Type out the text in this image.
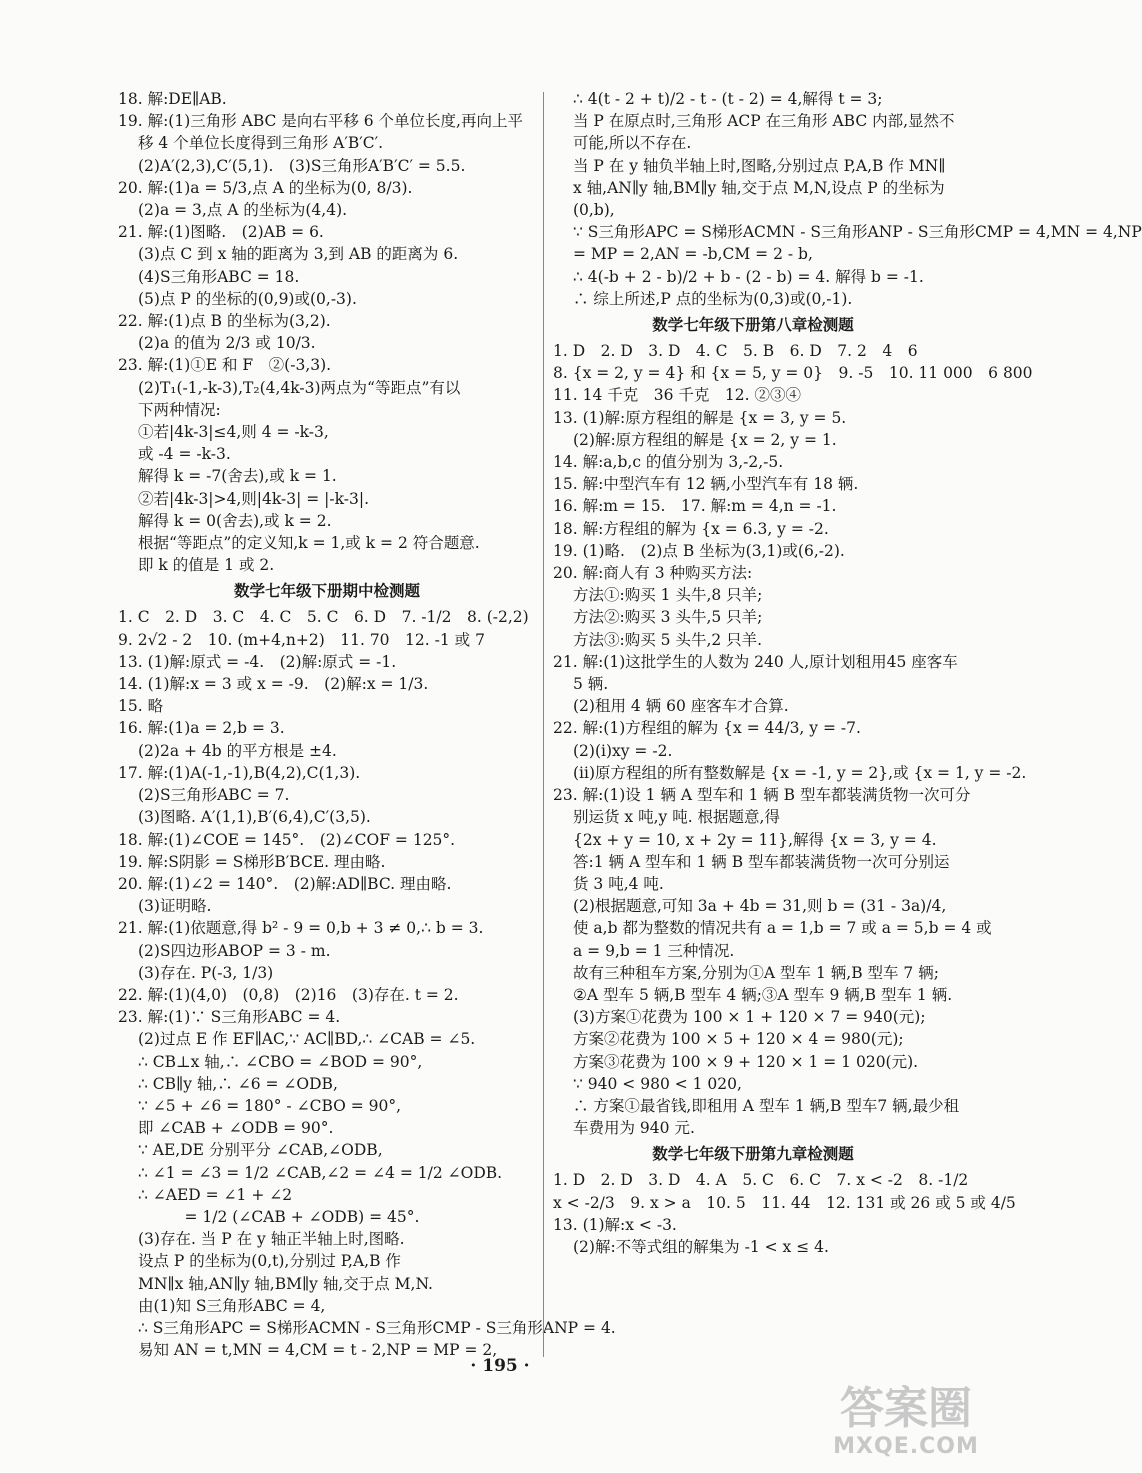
18. 解:DE∥AB.
19. 解:(1)三角形 ABC 是向右平移 6 个单位长度,再向上平
移 4 个单位长度得到三角形 A′B′C′.
(2)A′(2,3),C′(5,1).　(3)S三角形A′B′C′ = 5.5.
20. 解:(1)a = 5/3,点 A 的坐标为(0, 8/3).
(2)a = 3,点 A 的坐标为(4,4).
21. 解:(1)图略.　(2)AB = 6.
(3)点 C 到 x 轴的距离为 3,到 AB 的距离为 6.
(4)S三角形ABC = 18.
(5)点 P 的坐标的(0,9)或(0,-3).
22. 解:(1)点 B 的坐标为(3,2).
(2)a 的值为 2/3 或 10/3.
23. 解:(1)①E 和 F　②(-3,3).
(2)T₁(-1,-k-3),T₂(4,4k-3)两点为“等距点”有以
下两种情况:
①若|4k-3|≤4,则 4 = -k-3,
或 -4 = -k-3.
解得 k = -7(舍去),或 k = 1.
②若|4k-3|>4,则|4k-3| = |-k-3|.
解得 k = 0(舍去),或 k = 2.
根据“等距点”的定义知,k = 1,或 k = 2 符合题意.
即 k 的值是 1 或 2.
数学七年级下册期中检测题
1. C　2. D　3. C　4. C　5. C　6. D　7. -1/2　8. (-2,2)
9. 2√2 - 2　10. (m+4,n+2)　11. 70　12. -1 或 7
13. (1)解:原式 = -4.　(2)解:原式 = -1.
14. (1)解:x = 3 或 x = -9.　(2)解:x = 1/3.
15. 略
16. 解:(1)a = 2,b = 3.
(2)2a + 4b 的平方根是 ±4.
17. 解:(1)A(-1,-1),B(4,2),C(1,3).
(2)S三角形ABC = 7.
(3)图略. A′(1,1),B′(6,4),C′(3,5).
18. 解:(1)∠COE = 145°.　(2)∠COF = 125°.
19. 解:S阴影 = S梯形B′BCE. 理由略.
20. 解:(1)∠2 = 140°.　(2)解:AD∥BC. 理由略.
(3)证明略.
21. 解:(1)依题意,得 b² - 9 = 0,b + 3 ≠ 0,∴ b = 3.
(2)S四边形ABOP = 3 - m.
(3)存在. P(-3, 1/3)
22. 解:(1)(4,0)　(0,8)　(2)16　(3)存在. t = 2.
23. 解:(1)∵ S三角形ABC = 4.
(2)过点 E 作 EF∥AC,∵ AC∥BD,∴ ∠CAB = ∠5.
∴ CB⊥x 轴,∴ ∠CBO = ∠BOD = 90°,
∴ CB∥y 轴,∴ ∠6 = ∠ODB,
∵ ∠5 + ∠6 = 180° - ∠CBO = 90°,
即 ∠CAB + ∠ODB = 90°.
∵ AE,DE 分别平分 ∠CAB,∠ODB,
∴ ∠1 = ∠3 = 1/2 ∠CAB,∠2 = ∠4 = 1/2 ∠ODB.
∴ ∠AED = ∠1 + ∠2
　　　= 1/2 (∠CAB + ∠ODB) = 45°.
(3)存在. 当 P 在 y 轴正半轴上时,图略.
设点 P 的坐标为(0,t),分别过 P,A,B 作
MN∥x 轴,AN∥y 轴,BM∥y 轴,交于点 M,N.
由(1)知 S三角形ABC = 4,
∴ S三角形APC = S梯形ACMN - S三角形CMP - S三角形ANP = 4.
易知 AN = t,MN = 4,CM = t - 2,NP = MP = 2,
∴ 4(t - 2 + t)/2 - t - (t - 2) = 4,解得 t = 3;
当 P 在原点时,三角形 ACP 在三角形 ABC 内部,显然不
可能,所以不存在.
当 P 在 y 轴负半轴上时,图略,分别过点 P,A,B 作 MN∥
x 轴,AN∥y 轴,BM∥y 轴,交于点 M,N,设点 P 的坐标为
(0,b),
∵ S三角形APC = S梯形ACMN - S三角形ANP - S三角形CMP = 4,MN = 4,NP
= MP = 2,AN = -b,CM = 2 - b,
∴ 4(-b + 2 - b)/2 + b - (2 - b) = 4. 解得 b = -1.
∴ 综上所述,P 点的坐标为(0,3)或(0,-1).
数学七年级下册第八章检测题
1. D　2. D　3. D　4. C　5. B　6. D　7. 2　4　6
8. {x = 2, y = 4} 和 {x = 5, y = 0}　9. -5　10. 11 000　6 800
11. 14 千克　36 千克　12. ②③④
13. (1)解:原方程组的解是 {x = 3, y = 5.
(2)解:原方程组的解是 {x = 2, y = 1.
14. 解:a,b,c 的值分别为 3,-2,-5.
15. 解:中型汽车有 12 辆,小型汽车有 18 辆.
16. 解:m = 15.　17. 解:m = 4,n = -1.
18. 解:方程组的解为 {x = 6.3, y = -2.
19. (1)略.　(2)点 B 坐标为(3,1)或(6,-2).
20. 解:商人有 3 种购买方法:
方法①:购买 1 头牛,8 只羊;
方法②:购买 3 头牛,5 只羊;
方法③:购买 5 头牛,2 只羊.
21. 解:(1)这批学生的人数为 240 人,原计划租用45 座客车
5 辆.
(2)租用 4 辆 60 座客车才合算.
22. 解:(1)方程组的解为 {x = 44/3, y = -7.
(2)(ⅰ)xy = -2.
(ⅱ)原方程组的所有整数解是 {x = -1, y = 2},或 {x = 1, y = -2.
23. 解:(1)设 1 辆 A 型车和 1 辆 B 型车都装满货物一次可分
别运货 x 吨,y 吨. 根据题意,得
{2x + y = 10, x + 2y = 11},解得 {x = 3, y = 4.
答:1 辆 A 型车和 1 辆 B 型车都装满货物一次可分别运
货 3 吨,4 吨.
(2)根据题意,可知 3a + 4b = 31,则 b = (31 - 3a)/4,
使 a,b 都为整数的情况共有 a = 1,b = 7 或 a = 5,b = 4 或
a = 9,b = 1 三种情况.
故有三种租车方案,分别为①A 型车 1 辆,B 型车 7 辆;
②A 型车 5 辆,B 型车 4 辆;③A 型车 9 辆,B 型车 1 辆.
(3)方案①花费为 100 × 1 + 120 × 7 = 940(元);
方案②花费为 100 × 5 + 120 × 4 = 980(元);
方案③花费为 100 × 9 + 120 × 1 = 1 020(元).
∵ 940 < 980 < 1 020,
∴ 方案①最省钱,即租用 A 型车 1 辆,B 型车7 辆,最少租
车费用为 940 元.
数学七年级下册第九章检测题
1. D　2. D　3. D　4. A　5. C　6. C　7. x < -2　8. -1/2
x < -2/3　9. x > a　10. 5　11. 44　12. 131 或 26 或 5 或 4/5
13. (1)解:x < -3.
(2)解:不等式组的解集为 -1 < x ≤ 4.
· 195 ·
答案圈
MXQE.COM
